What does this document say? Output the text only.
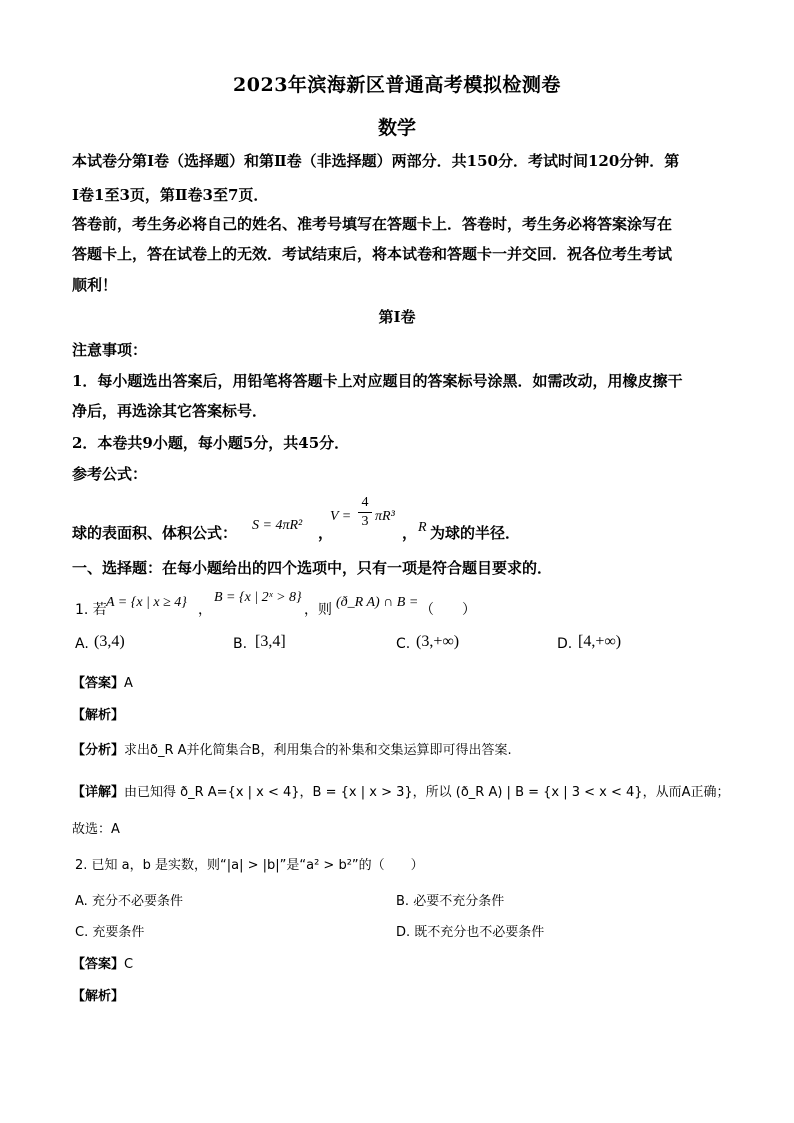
2023年滨海新区普通高考模拟检测卷
数学
本试卷分第Ⅰ卷（选择题）和第Ⅱ卷（非选择题）两部分．共150分．考试时间120分钟．第
Ⅰ卷1至3页，第Ⅱ卷3至7页．
答卷前，考生务必将自己的姓名、准考号填写在答题卡上．答卷时，考生务必将答案涂写在
答题卡上，答在试卷上的无效．考试结束后，将本试卷和答题卡一并交回．祝各位考生考试
顺利！
第Ⅰ卷
注意事项：
1．每小题选出答案后，用铅笔将答题卡上对应题目的答案标号涂黑．如需改动，用橡皮擦干
净后，再选涂其它答案标号．
2．本卷共9小题，每小题5分，共45分．
参考公式：
球的表面积、体积公式： S = 4πR² ，
V =
4
3 πR³
， R 为球的半径．
一、选择题：在每小题给出的四个选项中，只有一项是符合题目要求的．
1. 若 A = {x | x ≥ 4} ，
B = {x | 2ˣ > 8}
，则 (ð_R A) ∩ B = （　　）
A. (3,4)	B. [3,4]	C. (3,+∞)	D. [4,+∞)
【答案】A
【解析】
【分析】求出ð_R A并化简集合B，利用集合的补集和交集运算即可得出答案.
【详解】由已知得 ð_R A={x | x < 4}，B = {x | x > 3}，所以 (ð_R A) | B = {x | 3 < x < 4}，从而A正确；
故选：A
2. 已知 a，b 是实数，则“|a| > |b|”是“a² > b²”的（　　）
A. 充分不必要条件	B. 必要不充分条件
C. 充要条件	D. 既不充分也不必要条件
【答案】C
【解析】
